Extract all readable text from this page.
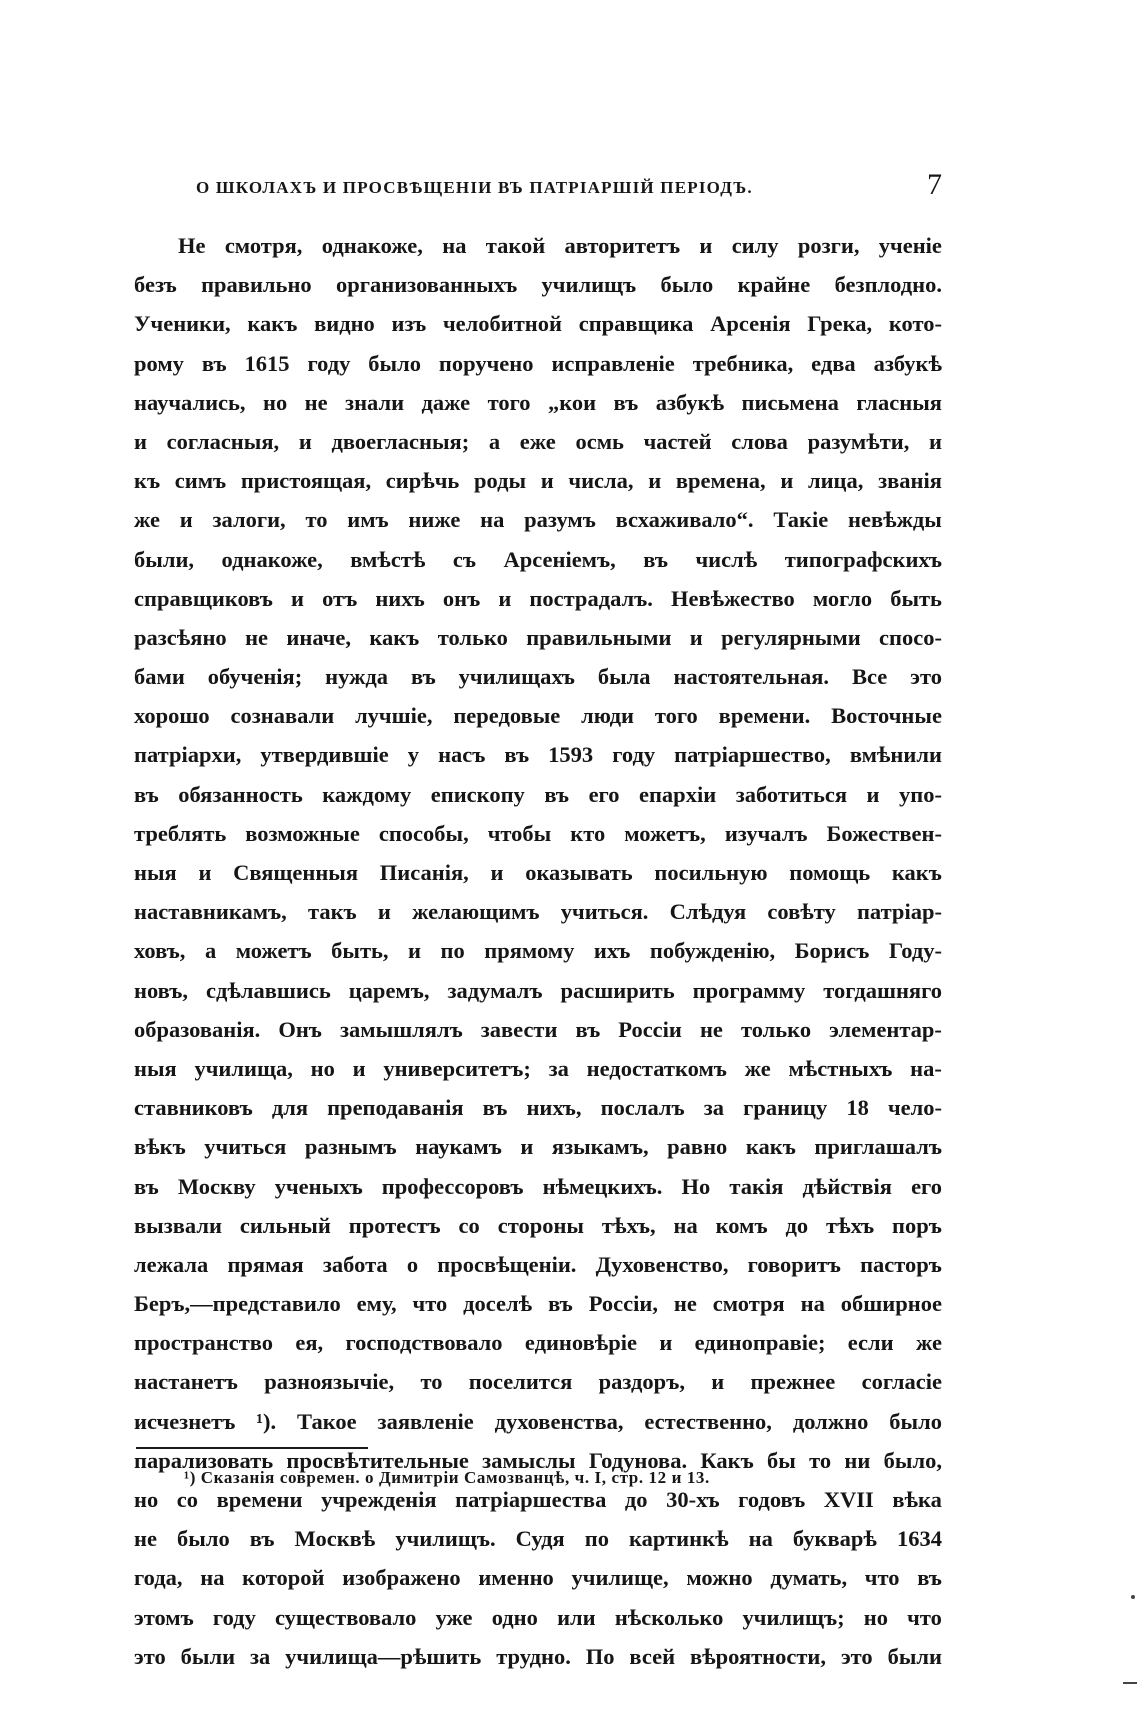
О ШКОЛАХЪ И ПРОСВѢЩЕНІИ ВЪ ПАТРІАРШІЙ ПЕРІОДЪ.	7
Не смотря, однакоже, на такой авторитетъ и силу розги, ученіе
безъ правильно организованныхъ училищъ было крайне безплодно.
Ученики, какъ видно изъ челобитной справщика Арсенія Грека, кото-
рому въ 1615 году было поручено исправленіе требника, едва азбукѣ
научались, но не знали даже того „кои въ азбукѣ письмена гласныя
и согласныя, и двоегласныя; а еже осмь частей слова разумѣти, и
къ симъ пристоящая, сирѣчь роды и числа, и времена, и лица, званія
же и залоги, то имъ ниже на разумъ всхаживало“. Такіе невѣжды
были, однакоже, вмѣстѣ съ Арсеніемъ, въ числѣ типографскихъ
справщиковъ и отъ нихъ онъ и пострадалъ. Невѣжество могло быть
разсѣяно не иначе, какъ только правильными и регулярными спосо-
бами обученія; нужда въ училищахъ была настоятельная. Все это
хорошо сознавали лучшіе, передовые люди того времени. Восточные
патріархи, утвердившіе у насъ въ 1593 году патріаршество, вмѣнили
въ обязанность каждому епископу въ его епархіи заботиться и упо-
треблять возможные способы, чтобы кто можетъ, изучалъ Божествен-
ныя и Священныя Писанія, и оказывать посильную помощь какъ
наставникамъ, такъ и желающимъ учиться. Слѣдуя совѣту патріар-
ховъ, а можетъ быть, и по прямому ихъ побужденію, Борисъ Году-
новъ, сдѣлавшись царемъ, задумалъ расширить программу тогдашняго
образованія. Онъ замышлялъ завести въ Россіи не только элементар-
ныя училища, но и университетъ; за недостаткомъ же мѣстныхъ на-
ставниковъ для преподаванія въ нихъ, послалъ за границу 18 чело-
вѣкъ учиться разнымъ наукамъ и языкамъ, равно какъ приглашалъ
въ Москву ученыхъ профессоровъ нѣмецкихъ. Но такія дѣйствія его
вызвали сильный протестъ со стороны тѣхъ, на комъ до тѣхъ поръ
лежала прямая забота о просвѣщеніи. Духовенство, говоритъ пасторъ
Беръ,—представило ему, что доселѣ въ Россіи, не смотря на обширное
пространство ея, господствовало единовѣріе и единоправіе; если же
настанетъ разноязычіе, то поселится раздоръ, и прежнее согласіе
исчезнетъ ¹). Такое заявленіе духовенства, естественно, должно было
парализовать просвѣтительные замыслы Годунова. Какъ бы то ни было,
но со времени учрежденія патріаршества до 30-хъ годовъ XVII вѣка
не было въ Москвѣ училищъ. Судя по картинкѣ на букварѣ 1634
года, на которой изображено именно училище, можно думать, что въ
этомъ году существовало уже одно или нѣсколько училищъ; но что
это были за училища—рѣшить трудно. По всей вѣроятности, это были
¹) Сказанія современ. о Димитріи Самозванцѣ, ч. I, стр. 12 и 13.
